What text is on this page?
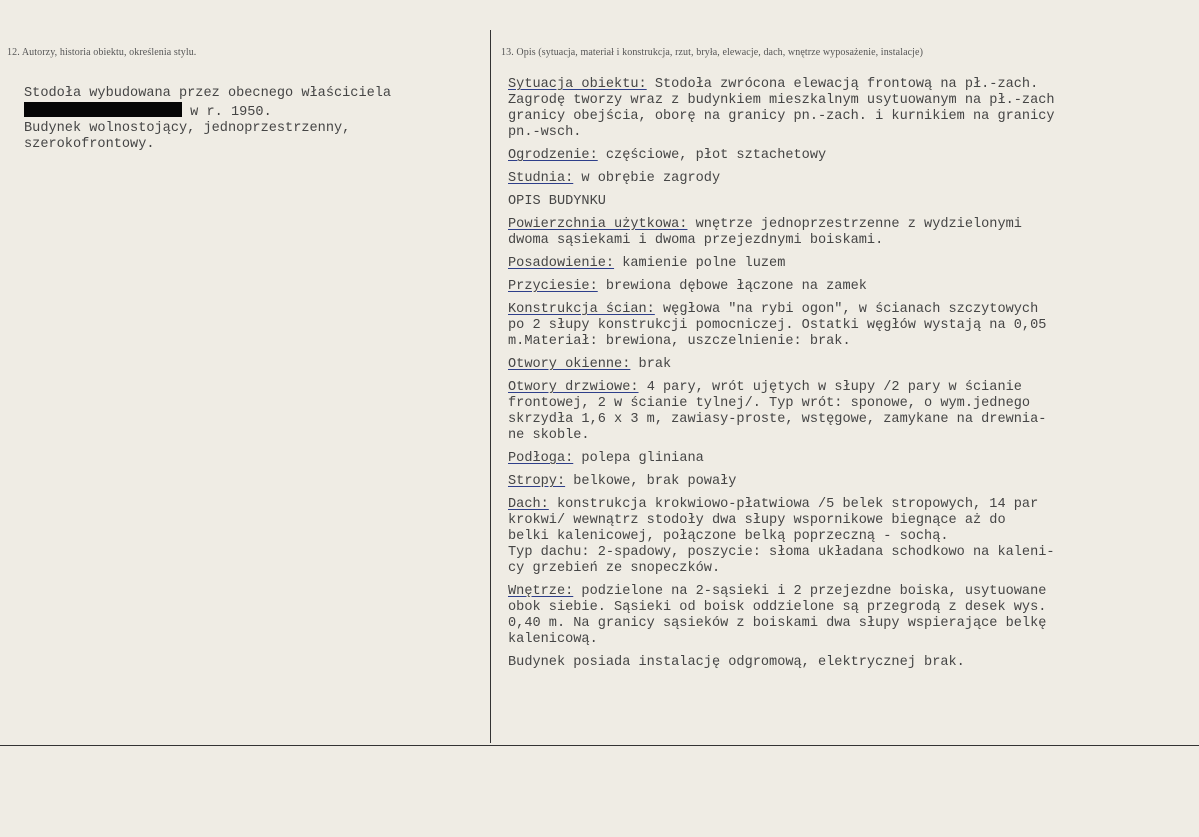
12. Autorzy, historia obiektu, określenia stylu.	13. Opis (sytuacja, materiał i konstrukcja, rzut, bryła, elewacje, dach, wnętrze wyposażenie, instalacje)
Stodoła wybudowana przez obecnego właściciela
w r. 1950.
Budynek wolnostojący, jednoprzestrzenny,
szerokofrontowy.
Sytuacja obiektu: Stodoła zwrócona elewacją frontową na pł.-zach.
Zagrodę tworzy wraz z budynkiem mieszkalnym usytuowanym na pł.-zach
granicy obejścia, oborę na granicy pn.-zach. i kurnikiem na granicy
pn.-wsch.
Ogrodzenie: częściowe, płot sztachetowy
Studnia: w obrębie zagrody
OPIS BUDYNKU
Powierzchnia użytkowa: wnętrze jednoprzestrzenne z wydzielonymi
dwoma sąsiekami i dwoma przejezdnymi boiskami.
Posadowienie: kamienie polne luzem
Przyciesie: brewiona dębowe łączone na zamek
Konstrukcja ścian: węgłowa "na rybi ogon", w ścianach szczytowych
po 2 słupy konstrukcji pomocniczej. Ostatki węgłów wystają na 0,05
m.Materiał: brewiona, uszczelnienie: brak.
Otwory okienne: brak
Otwory drzwiowe: 4 pary, wrót ujętych w słupy /2 pary w ścianie
frontowej, 2 w ścianie tylnej/. Typ wrót: sponowe, o wym.jednego
skrzydła 1,6 x 3 m, zawiasy-proste, wstęgowe, zamykane na drewnia-
ne skoble.
Podłoga: polepa gliniana
Stropy: belkowe, brak powały
Dach: konstrukcja krokwiowo-płatwiowa /5 belek stropowych, 14 par
krokwi/ wewnątrz stodoły dwa słupy wspornikowe biegnące aż do
belki kalenicowej, połączone belką poprzeczną - sochą.
Typ dachu: 2-spadowy, poszycie: słoma układana schodkowo na kaleni-
cy grzebień ze snopeczków.
Wnętrze: podzielone na 2-sąsieki i 2 przejezdne boiska, usytuowane
obok siebie. Sąsieki od boisk oddzielone są przegrodą z desek wys.
0,40 m. Na granicy sąsieków z boiskami dwa słupy wspierające belkę
kalenicową.
Budynek posiada instalację odgromową, elektrycznej brak.
